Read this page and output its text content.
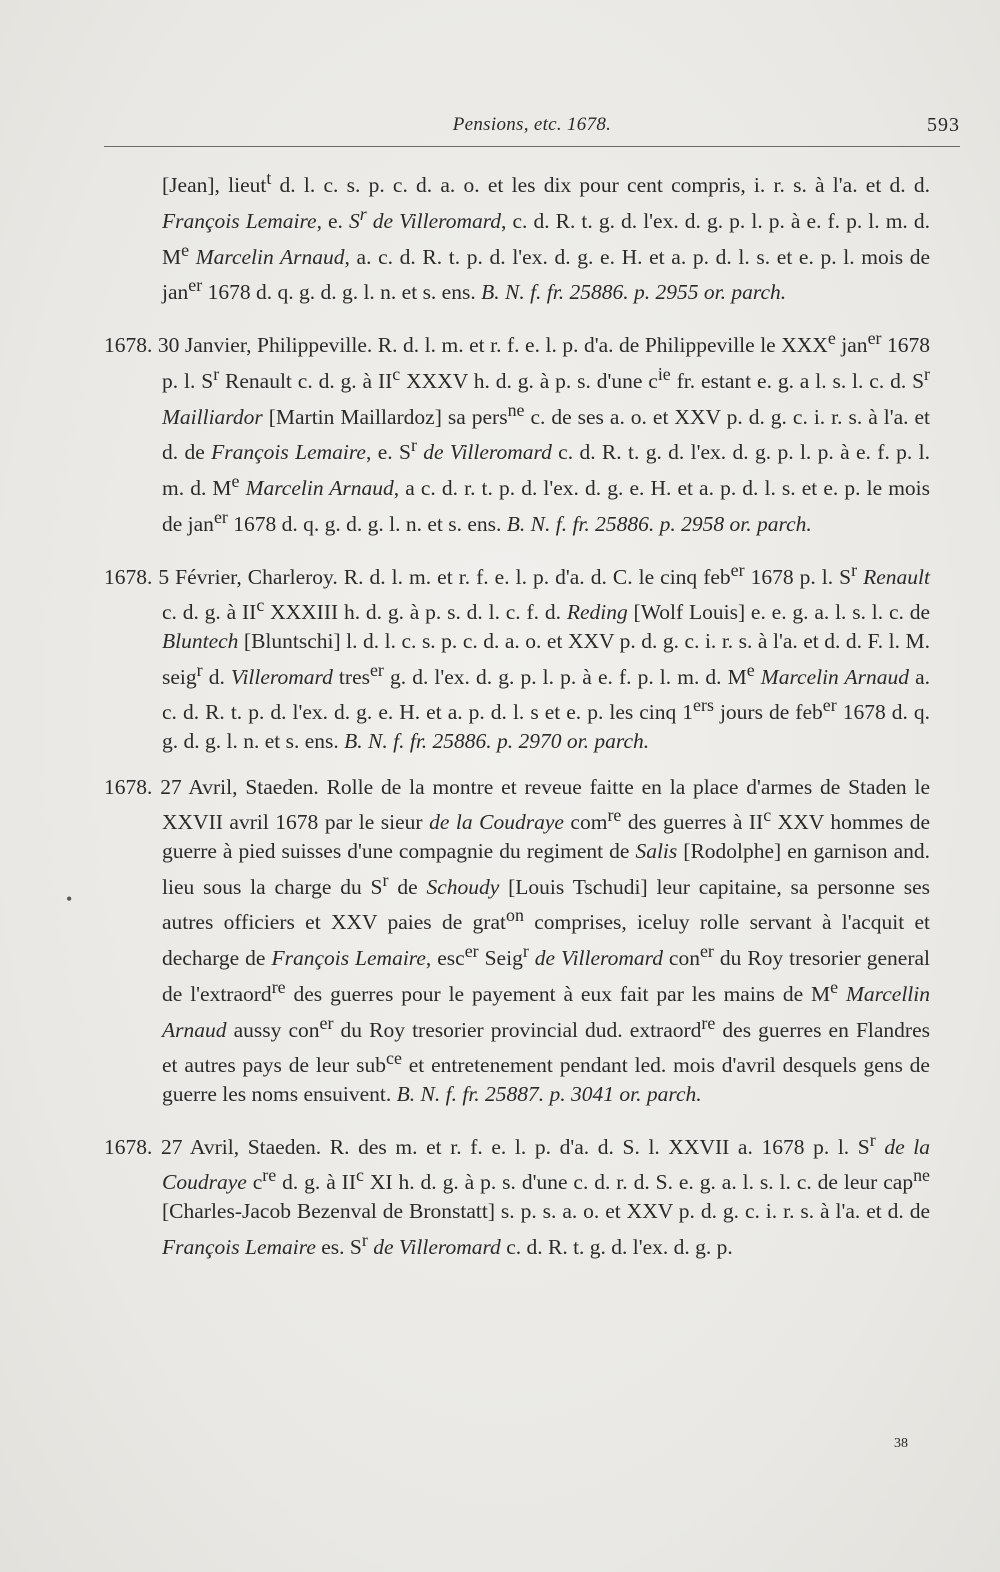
Pensions, etc. 1678.	593
•

[Jean], lieut$^t$ d. l. c. s. p. c. d. a. o. et les dix pour cent compris, i. r. s. à l'a. et d. d. François Lemaire, e. $S^r$ de Villeromard, c. d. R. t. g. d. l'ex. d. g. p. l. p. à e. f. p. l. m. d. Me Marcelin Arnaud, a. c. d. R. t. p. d. l'ex. d. g. e. H. et a. p. d. l. s. et e. p. l. mois de jan$^{er}$ 1678 d. q. g. d. g. l. n. et s. ens. B. N. f. fr. 25886. p. 2955 or. parch.

1678. 30 Janvier, Philippeville. R. d. l. m. et r. f. e. l. p. d'a. de Philippeville le XXXe jan$^{er}$ 1678 p. l. $S^r$ Renault c. d. g. à $II^c$ XXXV h. d. g. à p. s. d'une $c^{ie}$ fr. estant e. g. a l. s. l. c. d. $S^r$ Mailliardor [Martin Maillardoz] sa pers$^{ne}$ c. de ses a. o. et XXV p. d. g. c. i. r. s. à l'a. et d. de François Lemaire, e. $S^r$ de Villeromard c. d. R. t. g. d. l'ex. d. g. p. l. p. à e. f. p. l. m. d. Me Marcelin Arnaud, a c. d. r. t. p. d. l'ex. d. g. e. H. et a. p. d. l. s. et e. p. le mois de jan$^{er}$ 1678 d. q. g. d. g. l. n. et s. ens. B. N. f. fr. 25886. p. 2958 or. parch.

1678. 5 Février, Charleroy. R. d. l. m. et r. f. e. l. p. d'a. d. C. le cinq feb$^{er}$ 1678 p. l. $S^r$ Renault c. d. g. à $II^c$ XXXIII h. d. g. à p. s. d. l. c. f. d. Reding [Wolf Louis] e. e. g. a. l. s. l. c. de Bluntech [Bluntschi] l. d. l. c. s. p. c. d. a. o. et XXV p. d. g. c. i. r. s. à l'a. et d. d. F. l. M. seig$^r$ d. Villeromard tres$^{er}$ g. d. l'ex. d. g. p. l. p. à e. f. p. l. m. d. Me Marcelin Arnaud a. c. d. R. t. p. d. l'ex. d. g. e. H. et a. p. d. l. s et e. p. les cinq 1ers jours de feb$^{er}$ 1678 d. q. g. d. g. l. n. et s. ens. B. N. f. fr. 25886. p. 2970 or. parch.

1678. 27 Avril, Staeden. Rolle de la montre et reveue faitte en la place d'armes de Staden le XXVII avril 1678 par le sieur de la Coudraye com$^{re}$ des guerres à $II^c$ XXV hommes de guerre à pied suisses d'une compagnie du regiment de Salis [Rodolphe] en garnison and. lieu sous la charge du $S^r$ de Schoudy [Louis Tschudi] leur capitaine, sa personne ses autres officiers et XXV paies de grat$^{on}$ comprises, iceluy rolle servant à l'acquit et decharge de François Lemaire, esc$^{er}$ Seig$^r$ de Villeromard con$^{er}$ du Roy tresorier general de l'extraord$^{re}$ des guerres pour le payement à eux fait par les mains de Me Marcellin Arnaud aussy con$^{er}$ du Roy tresorier provincial dud. extraord$^{re}$ des guerres en Flandres et autres pays de leur sub$^{ce}$ et entretenement pendant led. mois d'avril desquels gens de guerre les noms ensuivent. B. N. f. fr. 25887. p. 3041 or. parch.

1678. 27 Avril, Staeden. R. des m. et r. f. e. l. p. d'a. d. S. l. XXVII a. 1678 p. l. $S^r$ de la Coudraye $c^{re}$ d. g. à $II^c$ XI h. d. g. à p. s. d'une c. d. r. d. S. e. g. a. l. s. l. c. de leur cap$^{ne}$ [Charles-Jacob Bezenval de Bronstatt] s. p. s. a. o. et XXV p. d. g. c. i. r. s. à l'a. et d. de François Lemaire es. $S^r$ de Villeromard c. d. R. t. g. d. l'ex. d. g. p.

38
